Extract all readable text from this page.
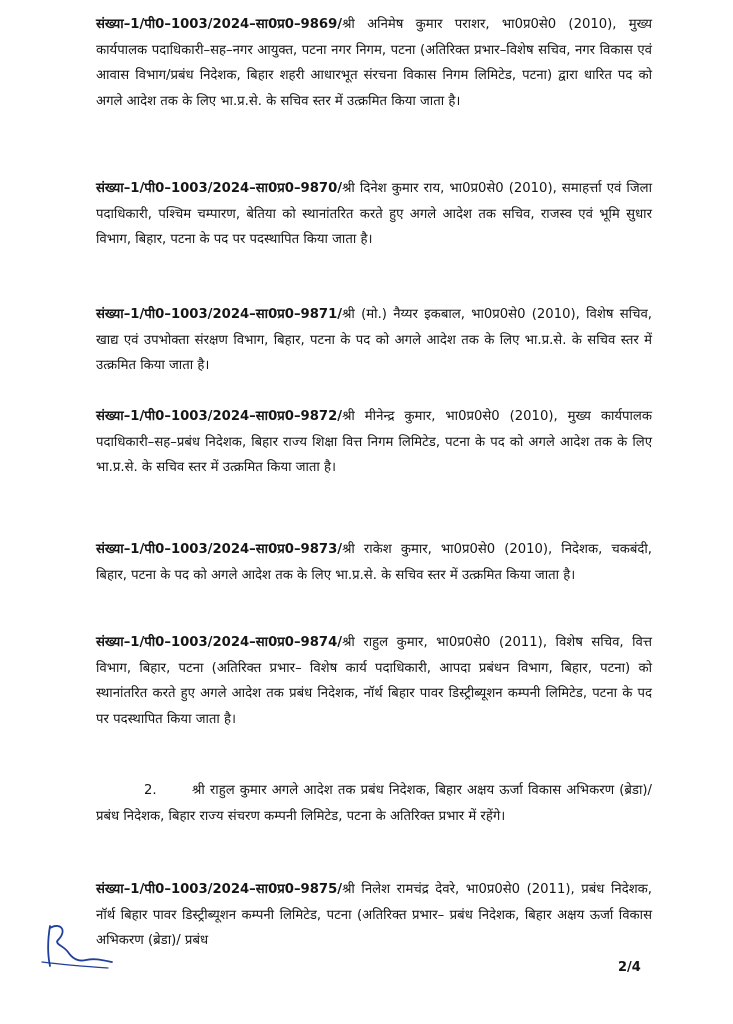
संख्या–1/पी0–1003/2024–सा0प्र0–9869/श्री अनिमेष कुमार पराशर, भा0प्र0से0 (2010), मुख्य कार्यपालक पदाधिकारी–सह–नगर आयुक्त, पटना नगर निगम, पटना (अतिरिक्त प्रभार–विशेष सचिव, नगर विकास एवं आवास विभाग/प्रबंध निदेशक, बिहार शहरी आधारभूत संरचना विकास निगम लिमिटेड, पटना) द्वारा धारित पद को अगले आदेश तक के लिए भा.प्र.से. के सचिव स्तर में उत्क्रमित किया जाता है।

संख्या–1/पी0–1003/2024–सा0प्र0–9870/श्री दिनेश कुमार राय, भा0प्र0से0 (2010), समाहर्त्ता एवं जिला पदाधिकारी, पश्चिम चम्पारण, बेतिया को स्थानांतरित करते हुए अगले आदेश तक सचिव, राजस्व एवं भूमि सुधार विभाग, बिहार, पटना के पद पर पदस्थापित किया जाता है।

संख्या–1/पी0–1003/2024–सा0प्र0–9871/श्री (मो.) नैय्यर इकबाल, भा0प्र0से0 (2010), विशेष सचिव, खाद्य एवं उपभोक्ता संरक्षण विभाग, बिहार, पटना के पद को अगले आदेश तक के लिए भा.प्र.से. के सचिव स्तर में उत्क्रमित किया जाता है।

संख्या–1/पी0–1003/2024–सा0प्र0–9872/श्री मीनेन्द्र कुमार, भा0प्र0से0 (2010), मुख्य कार्यपालक पदाधिकारी–सह–प्रबंध निदेशक, बिहार राज्य शिक्षा वित्त निगम लिमिटेड, पटना के पद को अगले आदेश तक के लिए भा.प्र.से. के सचिव स्तर में उत्क्रमित किया जाता है।

संख्या–1/पी0–1003/2024–सा0प्र0–9873/श्री राकेश कुमार, भा0प्र0से0 (2010), निदेशक, चकबंदी, बिहार, पटना के पद को अगले आदेश तक के लिए भा.प्र.से. के सचिव स्तर में उत्क्रमित किया जाता है।

संख्या–1/पी0–1003/2024–सा0प्र0–9874/श्री राहुल कुमार, भा0प्र0से0 (2011), विशेष सचिव, वित्त विभाग, बिहार, पटना (अतिरिक्त प्रभार– विशेष कार्य पदाधिकारी, आपदा प्रबंधन विभाग, बिहार, पटना) को स्थानांतरित करते हुए अगले आदेश तक प्रबंध निदेशक, नॉर्थ बिहार पावर डिस्ट्रीब्यूशन कम्पनी लिमिटेड, पटना के पद पर पदस्थापित किया जाता है।

2.	श्री राहुल कुमार अगले आदेश तक प्रबंध निदेशक, बिहार अक्षय ऊर्जा विकास अभिकरण (ब्रेडा)/ प्रबंध निदेशक, बिहार राज्य संचरण कम्पनी लिमिटेड, पटना के अतिरिक्त प्रभार में रहेंगे।

संख्या–1/पी0–1003/2024–सा0प्र0–9875/श्री निलेश रामचंद्र देवरे, भा0प्र0से0 (2011), प्रबंध निदेशक, नॉर्थ बिहार पावर डिस्ट्रीब्यूशन कम्पनी लिमिटेड, पटना (अतिरिक्त प्रभार– प्रबंध निदेशक, बिहार अक्षय ऊर्जा विकास अभिकरण (ब्रेडा)/ प्रबंध

2/4
